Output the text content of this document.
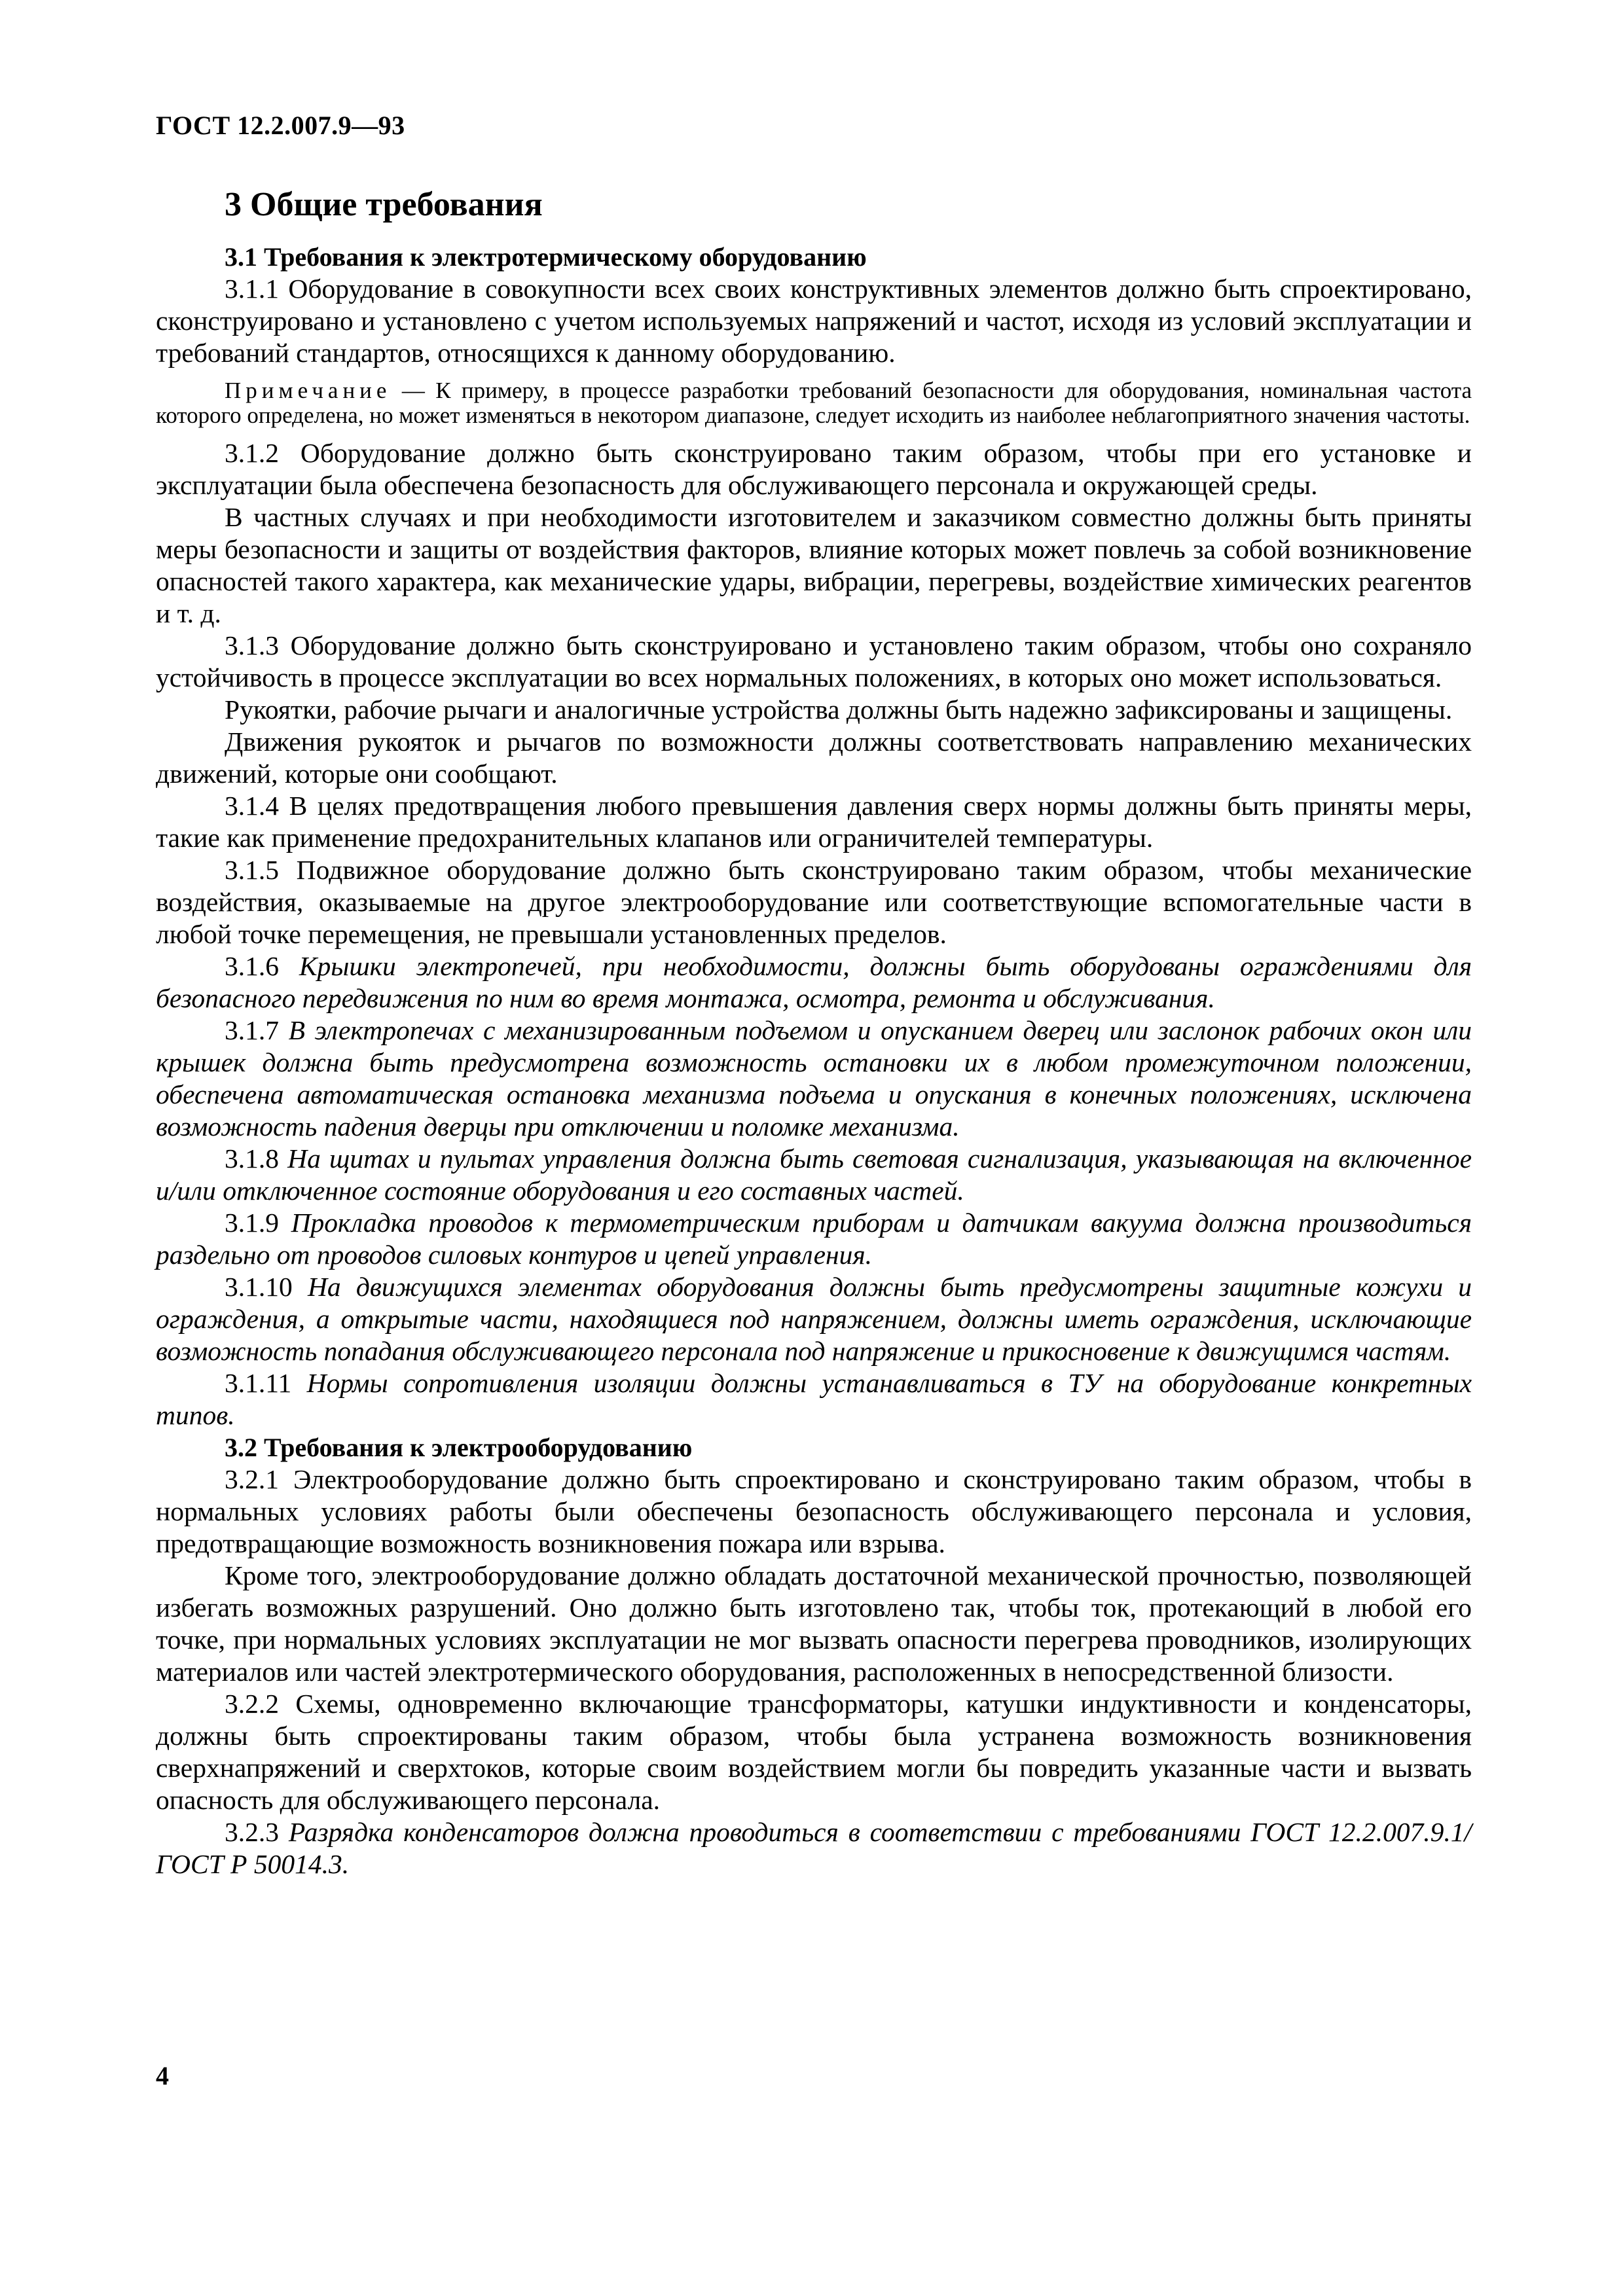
ГОСТ 12.2.007.9—93
3 Общие требования
3.1 Требования к электротермическому оборудованию

3.1.1 Оборудование в совокупности всех своих конструктивных элементов должно быть спроектировано, сконструировано и установлено с учетом используемых напряжений и частот, исходя из условий эксплуатации и требований стандартов, относящихся к данному оборудованию.

Примечание — К примеру, в процессе разработки требований безопасности для оборудования, номинальная частота которого определена, но может изменяться в некотором диапазоне, следует исходить из наиболее неблагоприятного значения частоты.

3.1.2 Оборудование должно быть сконструировано таким образом, чтобы при его установке и эксплуатации была обеспечена безопасность для обслуживающего персонала и окружающей среды.

В частных случаях и при необходимости изготовителем и заказчиком совместно должны быть приняты меры безопасности и защиты от воздействия факторов, влияние которых может повлечь за собой возникновение опасностей такого характера, как механические удары, вибрации, перегревы, воздействие химических реагентов и т. д.

3.1.3 Оборудование должно быть сконструировано и установлено таким образом, чтобы оно сохраняло устойчивость в процессе эксплуатации во всех нормальных положениях, в которых оно может использоваться.

Рукоятки, рабочие рычаги и аналогичные устройства должны быть надежно зафиксированы и защищены.

Движения рукояток и рычагов по возможности должны соответствовать направлению механических движений, которые они сообщают.

3.1.4 В целях предотвращения любого превышения давления сверх нормы должны быть приняты меры, такие как применение предохранительных клапанов или ограничителей температуры.

3.1.5 Подвижное оборудование должно быть сконструировано таким образом, чтобы механические воздействия, оказываемые на другое электрооборудование или соответствующие вспомогательные части в любой точке перемещения, не превышали установленных пределов.

3.1.6 Крышки электропечей, при необходимости, должны быть оборудованы ограждениями для безопасного передвижения по ним во время монтажа, осмотра, ремонта и обслуживания.

3.1.7 В электропечах с механизированным подъемом и опусканием дверец или заслонок рабочих окон или крышек должна быть предусмотрена возможность остановки их в любом промежуточном положении, обеспечена автоматическая остановка механизма подъема и опускания в конечных положениях, исключена возможность падения дверцы при отключении и поломке механизма.

3.1.8 На щитах и пультах управления должна быть световая сигнализация, указывающая на включенное и/или отключенное состояние оборудования и его составных частей.

3.1.9 Прокладка проводов к термометрическим приборам и датчикам вакуума должна производиться раздельно от проводов силовых контуров и цепей управления.

3.1.10 На движущихся элементах оборудования должны быть предусмотрены защитные кожухи и ограждения, а открытые части, находящиеся под напряжением, должны иметь ограждения, исключающие возможность попадания обслуживающего персонала под напряжение и прикосновение к движущимся частям.

3.1.11 Нормы сопротивления изоляции должны устанавливаться в ТУ на оборудование конкретных типов.

3.2 Требования к электрооборудованию

3.2.1 Электрооборудование должно быть спроектировано и сконструировано таким образом, чтобы в нормальных условиях работы были обеспечены безопасность обслуживающего персонала и условия, предотвращающие возможность возникновения пожара или взрыва.

Кроме того, электрооборудование должно обладать достаточной механической прочностью, позволяющей избегать возможных разрушений. Оно должно быть изготовлено так, чтобы ток, протекающий в любой его точке, при нормальных условиях эксплуатации не мог вызвать опасности перегрева проводников, изолирующих материалов или частей электротермического оборудования, расположенных в непосредственной близости.

3.2.2 Схемы, одновременно включающие трансформаторы, катушки индуктивности и конденсаторы, должны быть спроектированы таким образом, чтобы была устранена возможность возникновения сверхнапряжений и сверхтоков, которые своим воздействием могли бы повредить указанные части и вызвать опасность для обслуживающего персонала.

3.2.3 Разрядка конденсаторов должна проводиться в соответствии с требованиями ГОСТ 12.2.007.9.1/ГОСТ Р 50014.3.

4
